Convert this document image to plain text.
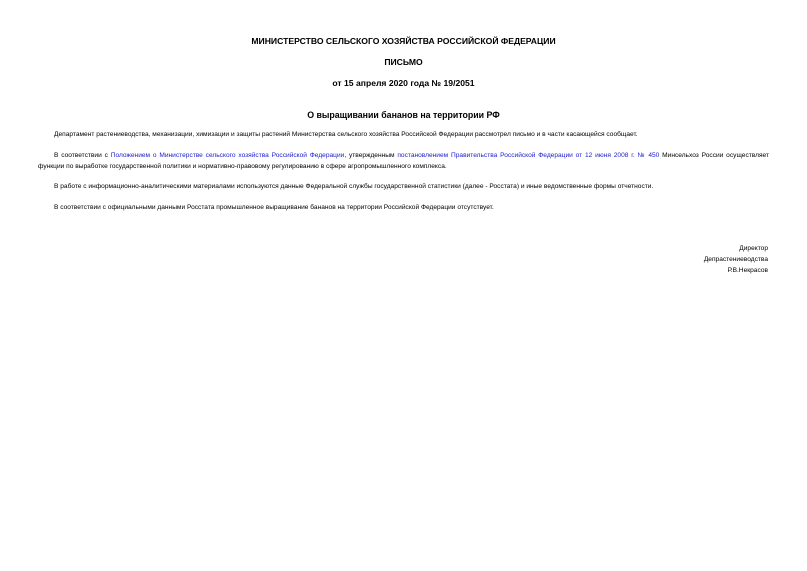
МИНИСТЕРСТВО СЕЛЬСКОГО ХОЗЯЙСТВА РОССИЙСКОЙ ФЕДЕРАЦИИ
ПИСЬМО
от 15 апреля 2020 года № 19/2051
О выращивании бананов на территории РФ

Департамент растениеводства, механизации, химизации и защиты растений Министерства сельского хозяйства Российской Федерации рассмотрел письмо и в части касающейся сообщает.

В соответствии с Положением о Министерстве сельского хозяйства Российской Федерации, утвержденным постановлением Правительства Российской Федерации от 12 июня 2008 г. № 450 Минсельхоз России осуществляет функции по выработке государственной политики и нормативно-правовому регулированию в сфере агропромышленного комплекса.

В работе с информационно-аналитическими материалами используются данные Федеральной службы государственной статистики (далее - Росстата) и иные ведомственные формы отчетности.

В соответствии с официальными данными Росстата промышленное выращивание бананов на территории Российской Федерации отсутствует.

Директор
Депрастениеводства
Р.В.Некрасов
